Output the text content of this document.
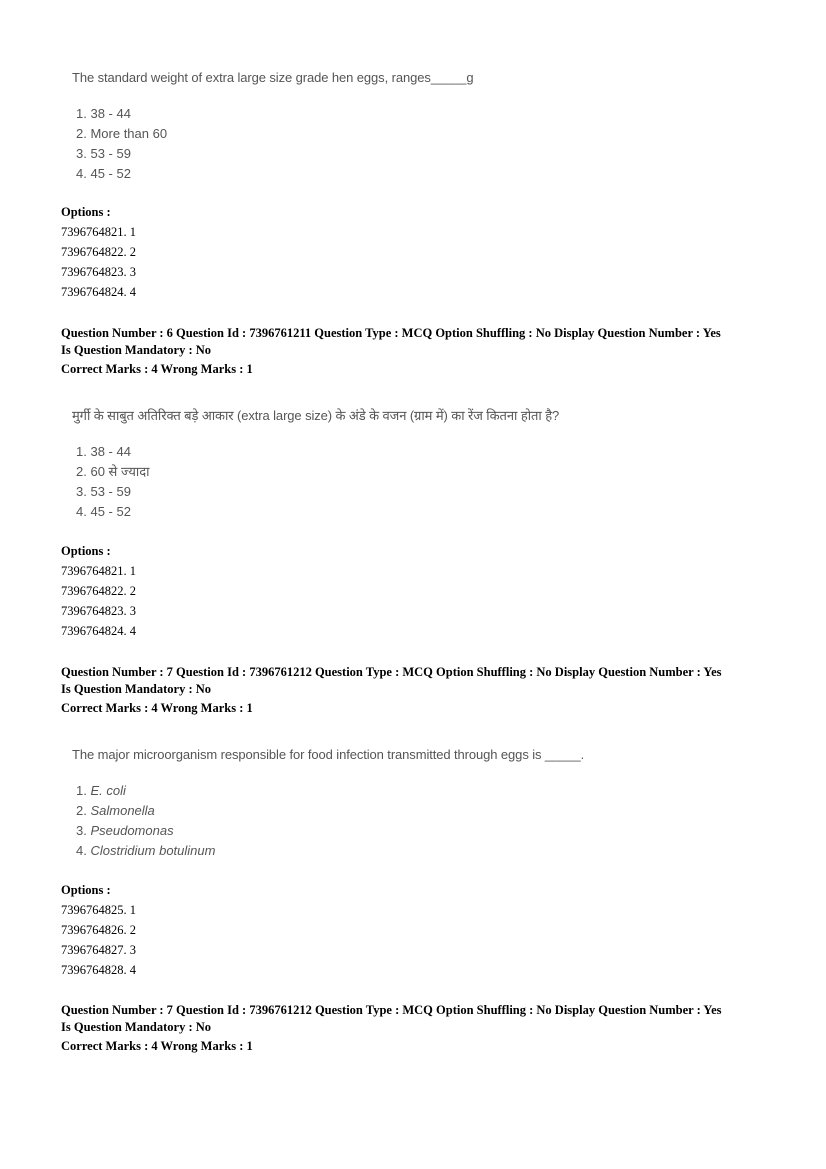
The standard weight of extra large size grade hen eggs, ranges_____g
1. 38 - 44
2. More than 60
3. 53 - 59
4. 45 - 52
Options :
7396764821. 1
7396764822. 2
7396764823. 3
7396764824. 4
Question Number : 6 Question Id : 7396761211 Question Type : MCQ Option Shuffling : No Display Question Number : Yes
Is Question Mandatory : No
Correct Marks : 4 Wrong Marks : 1
मुर्गी के साबुत अतिरिक्त बड़े आकार (extra large size) के अंडे के वजन (ग्राम में) का रेंज कितना होता है?
1. 38 - 44
2. 60 से ज्यादा
3. 53 - 59
4. 45 - 52
Options :
7396764821. 1
7396764822. 2
7396764823. 3
7396764824. 4
Question Number : 7 Question Id : 7396761212 Question Type : MCQ Option Shuffling : No Display Question Number : Yes
Is Question Mandatory : No
Correct Marks : 4 Wrong Marks : 1
The major microorganism responsible for food infection transmitted through eggs is _____.
1. E. coli
2. Salmonella
3. Pseudomonas
4. Clostridium botulinum
Options :
7396764825. 1
7396764826. 2
7396764827. 3
7396764828. 4
Question Number : 7 Question Id : 7396761212 Question Type : MCQ Option Shuffling : No Display Question Number : Yes
Is Question Mandatory : No
Correct Marks : 4 Wrong Marks : 1
